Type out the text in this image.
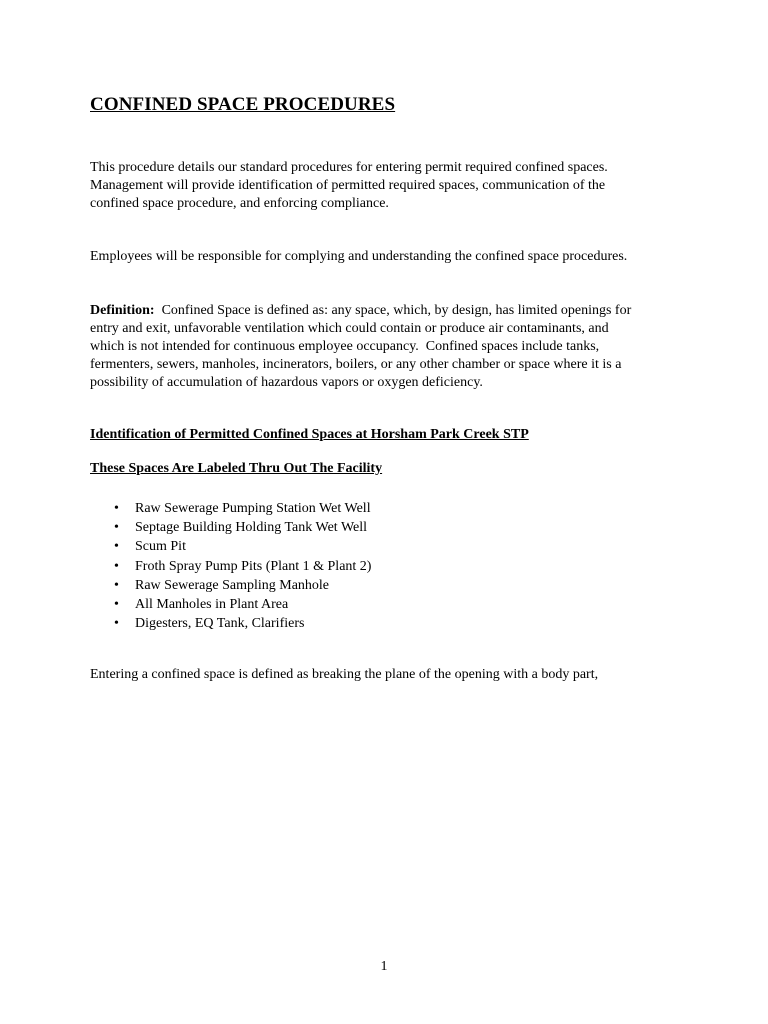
CONFINED SPACE PROCEDURES

This procedure details our standard procedures for entering permit required confined spaces.
Management will provide identification of permitted required spaces, communication of the
confined space procedure, and enforcing compliance.

Employees will be responsible for complying and understanding the confined space procedures.

Definition:  Confined Space is defined as: any space, which, by design, has limited openings for
entry and exit, unfavorable ventilation which could contain or produce air contaminants, and
which is not intended for continuous employee occupancy.  Confined spaces include tanks,
fermenters, sewers, manholes, incinerators, boilers, or any other chamber or space where it is a
possibility of accumulation of hazardous vapors or oxygen deficiency.

Identification of Permitted Confined Spaces at Horsham Park Creek STP
These Spaces Are Labeled Thru Out The Facility
• Raw Sewerage Pumping Station Wet Well
• Septage Building Holding Tank Wet Well
• Scum Pit
• Froth Spray Pump Pits (Plant 1 & Plant 2)
• Raw Sewerage Sampling Manhole
• All Manholes in Plant Area
• Digesters, EQ Tank, Clarifiers

Entering a confined space is defined as breaking the plane of the opening with a body part,

1
